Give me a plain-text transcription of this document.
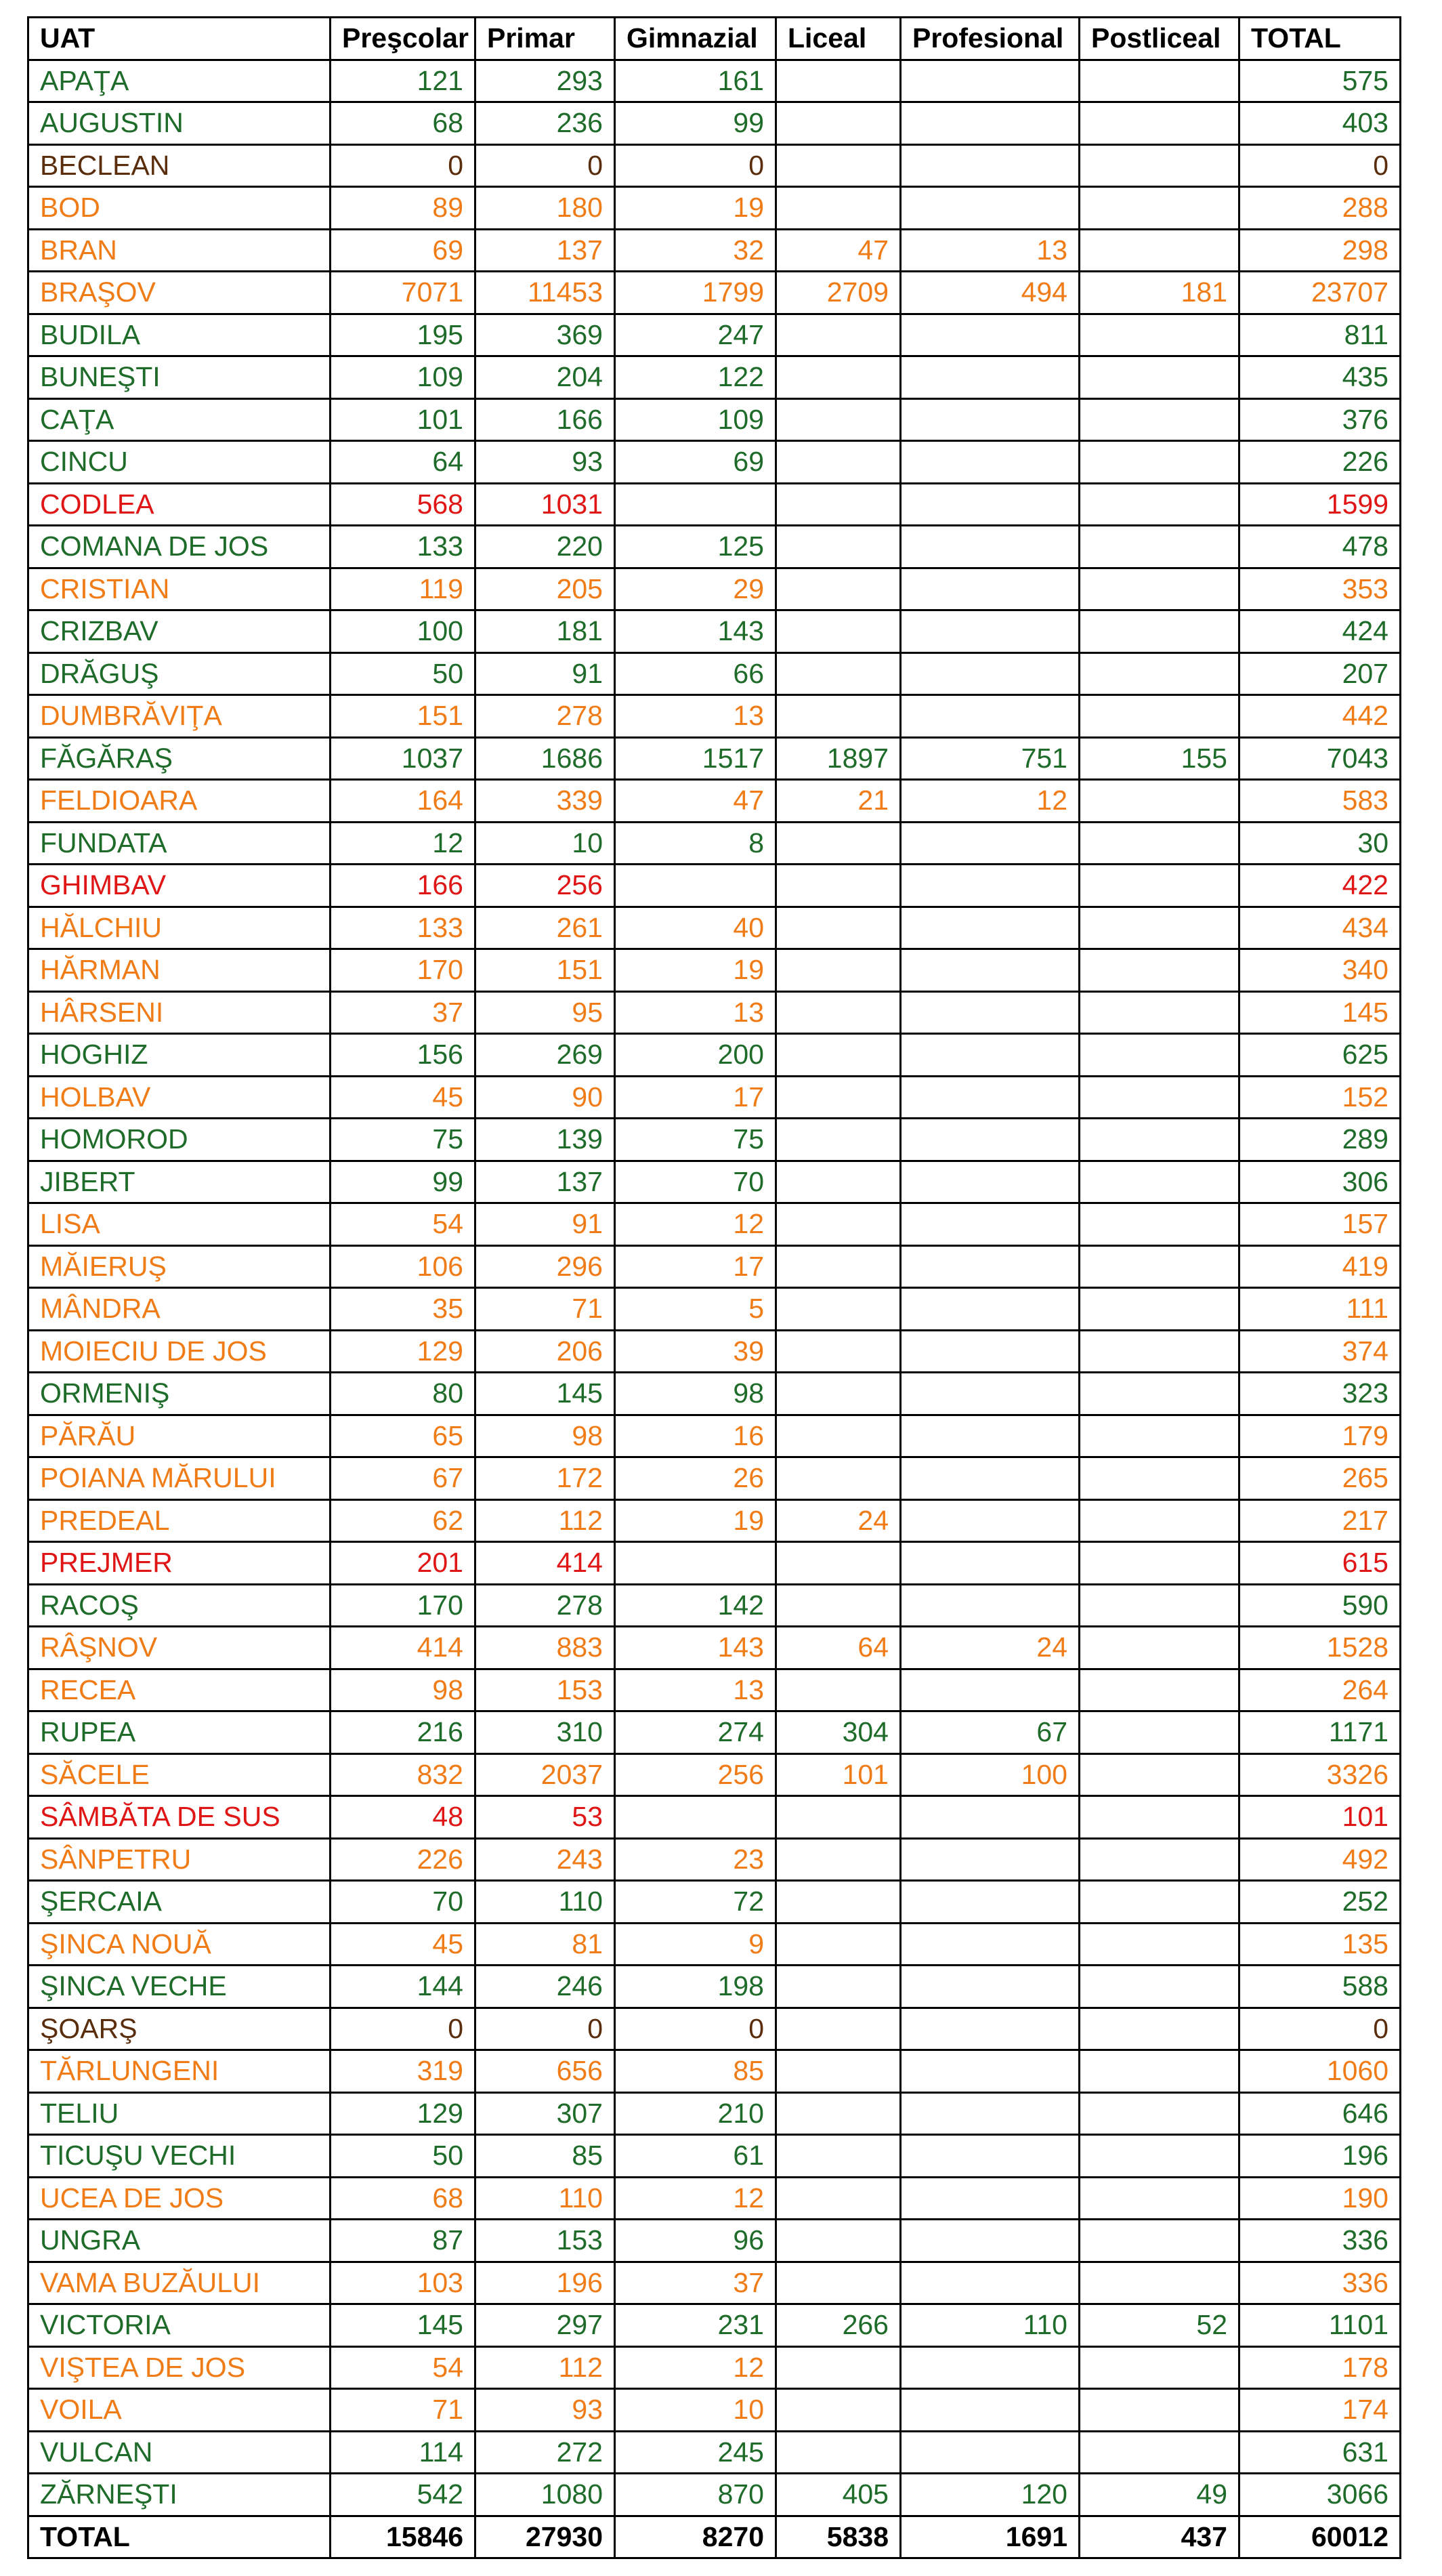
UAT	Preşcolar	Primar	Gimnazial	Liceal	Profesional	Postliceal	TOTAL
APAŢA	121	293	161				575
AUGUSTIN	68	236	99				403
BECLEAN	0	0	0				0
BOD	89	180	19				288
BRAN	69	137	32	47	13		298
BRAŞOV	7071	11453	1799	2709	494	181	23707
BUDILA	195	369	247				811
BUNEŞTI	109	204	122				435
CAŢA	101	166	109				376
CINCU	64	93	69				226
CODLEA	568	1031					1599
COMANA DE JOS	133	220	125				478
CRISTIAN	119	205	29				353
CRIZBAV	100	181	143				424
DRĂGUŞ	50	91	66				207
DUMBRĂVIŢA	151	278	13				442
FĂGĂRAŞ	1037	1686	1517	1897	751	155	7043
FELDIOARA	164	339	47	21	12		583
FUNDATA	12	10	8				30
GHIMBAV	166	256					422
HĂLCHIU	133	261	40				434
HĂRMAN	170	151	19				340
HÂRSENI	37	95	13				145
HOGHIZ	156	269	200				625
HOLBAV	45	90	17				152
HOMOROD	75	139	75				289
JIBERT	99	137	70				306
LISA	54	91	12				157
MĂIERUŞ	106	296	17				419
MÂNDRA	35	71	5				111
MOIECIU DE JOS	129	206	39				374
ORMENIŞ	80	145	98				323
PĂRĂU	65	98	16				179
POIANA MĂRULUI	67	172	26				265
PREDEAL	62	112	19	24			217
PREJMER	201	414					615
RACOŞ	170	278	142				590
RÂŞNOV	414	883	143	64	24		1528
RECEA	98	153	13				264
RUPEA	216	310	274	304	67		1171
SĂCELE	832	2037	256	101	100		3326
SÂMBĂTA DE SUS	48	53					101
SÂNPETRU	226	243	23				492
ŞERCAIA	70	110	72				252
ŞINCA NOUĂ	45	81	9				135
ŞINCA VECHE	144	246	198				588
ŞOARŞ	0	0	0				0
TĂRLUNGENI	319	656	85				1060
TELIU	129	307	210				646
TICUŞU VECHI	50	85	61				196
UCEA DE JOS	68	110	12				190
UNGRA	87	153	96				336
VAMA BUZĂULUI	103	196	37				336
VICTORIA	145	297	231	266	110	52	1101
VIŞTEA DE JOS	54	112	12				178
VOILA	71	93	10				174
VULCAN	114	272	245				631
ZĂRNEŞTI	542	1080	870	405	120	49	3066
TOTAL	15846	27930	8270	5838	1691	437	60012
